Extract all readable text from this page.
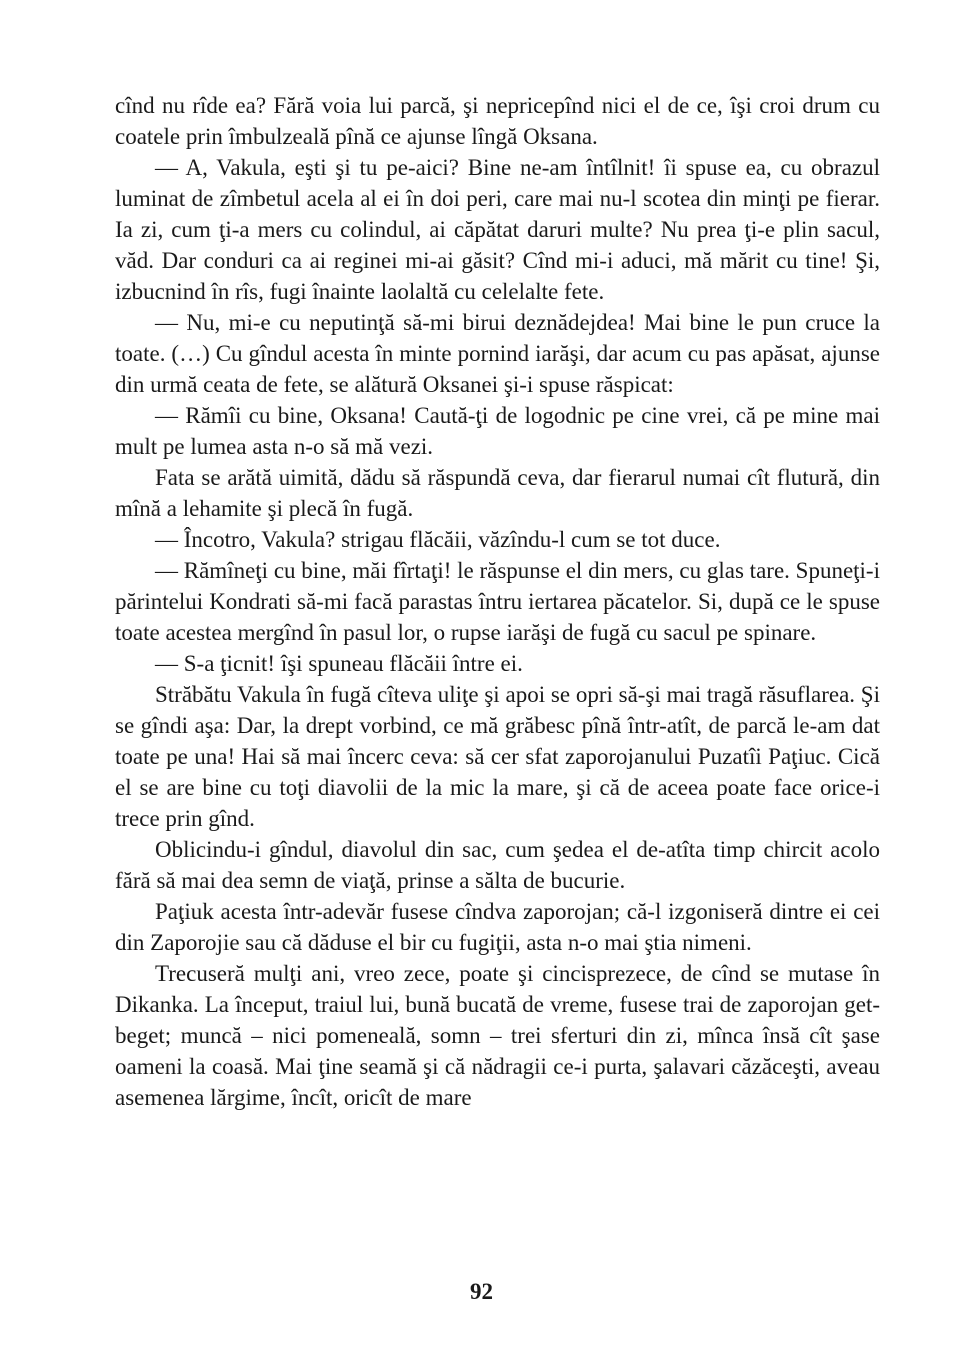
cînd nu rîde ea? Fără voia lui parcă, şi nepricepînd nici el de ce, îşi croi drum cu coatele prin îmbulzeală pînă ce ajunse lîngă Oksana.

— A, Vakula, eşti şi tu pe-aici? Bine ne-am întîlnit! îi spuse ea, cu obrazul luminat de zîmbetul acela al ei în doi peri, care mai nu-l scotea din minţi pe fierar. Ia zi, cum ţi-a mers cu colindul, ai căpătat daruri multe? Nu prea ţi-e plin sacul, văd. Dar conduri ca ai reginei mi-ai găsit? Cînd mi-i aduci, mă mărit cu tine! Şi, izbucnind în rîs, fugi înainte laolaltă cu celelalte fete.

— Nu, mi-e cu neputinţă să-mi birui deznădejdea! Mai bine le pun cruce la toate. (…) Cu gîndul acesta în minte pornind iarăşi, dar acum cu pas apăsat, ajunse din urmă ceata de fete, se alătură Oksanei şi-i spuse răspicat:

— Rămîi cu bine, Oksana! Caută-ţi de logodnic pe cine vrei, că pe mine mai mult pe lumea asta n-o să mă vezi.

Fata se arătă uimită, dădu să răspundă ceva, dar fierarul numai cît flutură, din mînă a lehamite şi plecă în fugă.

— Încotro, Vakula? strigau flăcăii, văzîndu-l cum se tot duce.

— Rămîneţi cu bine, măi fîrtaţi! le răspunse el din mers, cu glas tare. Spuneţi-i părintelui Kondrati să-mi facă parastas întru iertarea păcatelor. Si, după ce le spuse toate acestea mergînd în pasul lor, o rupse iarăşi de fugă cu sacul pe spinare.

— S-a ţicnit! îşi spuneau flăcăii între ei.

Străbătu Vakula în fugă cîteva uliţe şi apoi se opri să-şi mai tragă răsuflarea. Şi se gîndi aşa: Dar, la drept vorbind, ce mă grăbesc pînă într-atît, de parcă le-am dat toate pe una! Hai să mai încerc ceva: să cer sfat zaporojanului Puzatîi Paţiuc. Cică el se are bine cu toţi diavolii de la mic la mare, şi că de aceea poate face orice-i trece prin gînd.

Oblicindu-i gîndul, diavolul din sac, cum şedea el de-atîta timp chircit acolo fără să mai dea semn de viaţă, prinse a sălta de bucurie.

Paţiuk acesta într-adevăr fusese cîndva zaporojan; că-l izgoniseră dintre ei cei din Zaporojie sau că dăduse el bir cu fugiţii, asta n-o mai ştia nimeni.

Trecuseră mulţi ani, vreo zece, poate şi cincisprezece, de cînd se mutase în Dikanka. La început, traiul lui, bună bucată de vreme, fusese trai de zaporojan get-beget; muncă – nici pomeneală, somn – trei sferturi din zi, mînca însă cît şase oameni la coasă. Mai ţine seamă şi că nădragii ce-i purta, şalavari căzăceşti, aveau asemenea lărgime, încît, oricît de mare

92
